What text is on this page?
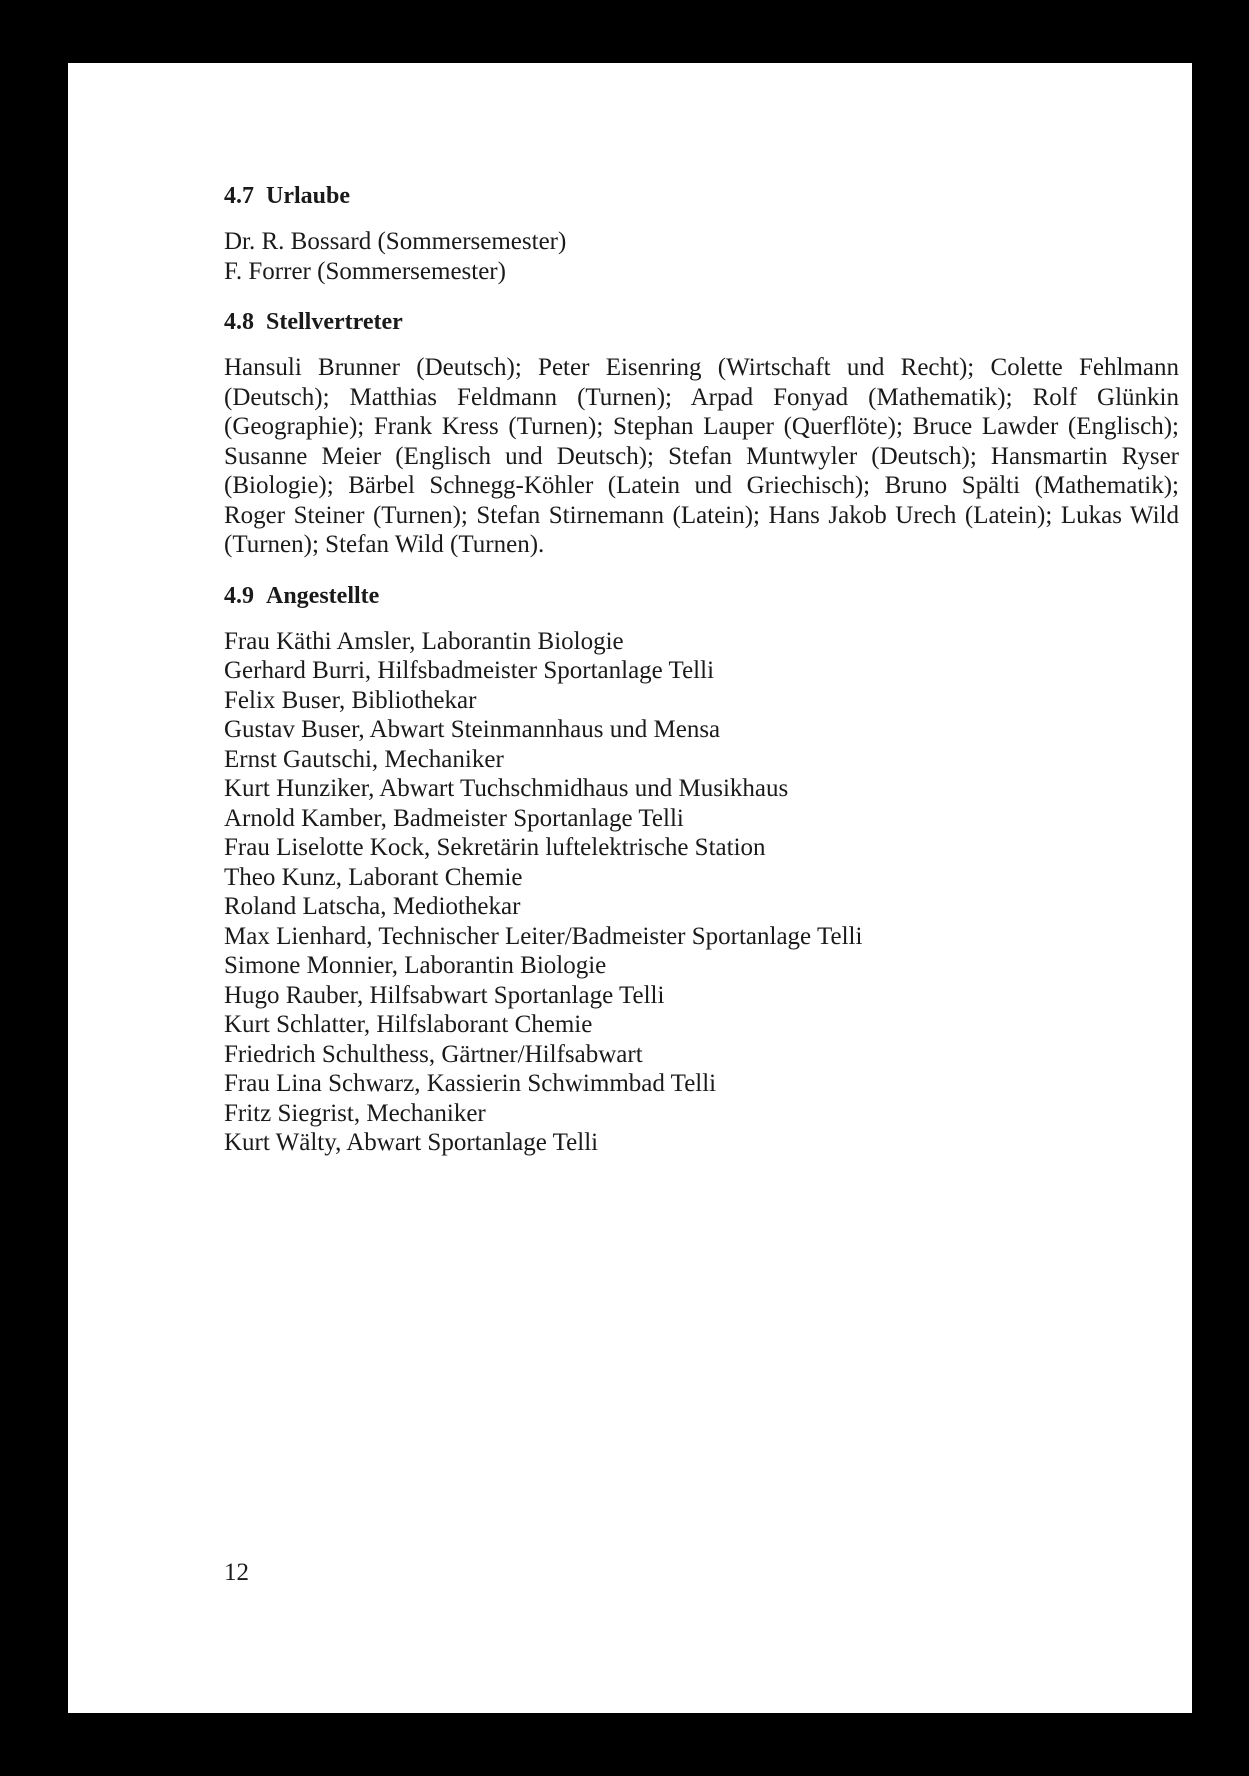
4.7 Urlaube
Dr. R. Bossard (Sommersemester)
F. Forrer (Sommersemester)
4.8 Stellvertreter

Hansuli Brunner (Deutsch); Peter Eisenring (Wirtschaft und Recht); Colette Fehlmann (Deutsch); Matthias Feldmann (Turnen); Arpad Fonyad (Mathematik); Rolf Glünkin (Geographie); Frank Kress (Turnen); Stephan Lauper (Querflöte); Bruce Lawder (Englisch); Susanne Meier (Englisch und Deutsch); Stefan Muntwyler (Deutsch); Hansmartin Ryser (Biologie); Bärbel Schnegg-Köhler (Latein und Griechisch); Bruno Spälti (Mathematik); Roger Steiner (Turnen); Stefan Stirnemann (Latein); Hans Jakob Urech (Latein); Lukas Wild (Turnen); Stefan Wild (Turnen).

4.9 Angestellte
Frau Käthi Amsler, Laborantin Biologie
Gerhard Burri, Hilfsbadmeister Sportanlage Telli
Felix Buser, Bibliothekar
Gustav Buser, Abwart Steinmannhaus und Mensa
Ernst Gautschi, Mechaniker
Kurt Hunziker, Abwart Tuchschmidhaus und Musikhaus
Arnold Kamber, Badmeister Sportanlage Telli
Frau Liselotte Kock, Sekretärin luftelektrische Station
Theo Kunz, Laborant Chemie
Roland Latscha, Mediothekar
Max Lienhard, Technischer Leiter/Badmeister Sportanlage Telli
Simone Monnier, Laborantin Biologie
Hugo Rauber, Hilfsabwart Sportanlage Telli
Kurt Schlatter, Hilfslaborant Chemie
Friedrich Schulthess, Gärtner/Hilfsabwart
Frau Lina Schwarz, Kassierin Schwimmbad Telli
Fritz Siegrist, Mechaniker
Kurt Wälty, Abwart Sportanlage Telli
12
